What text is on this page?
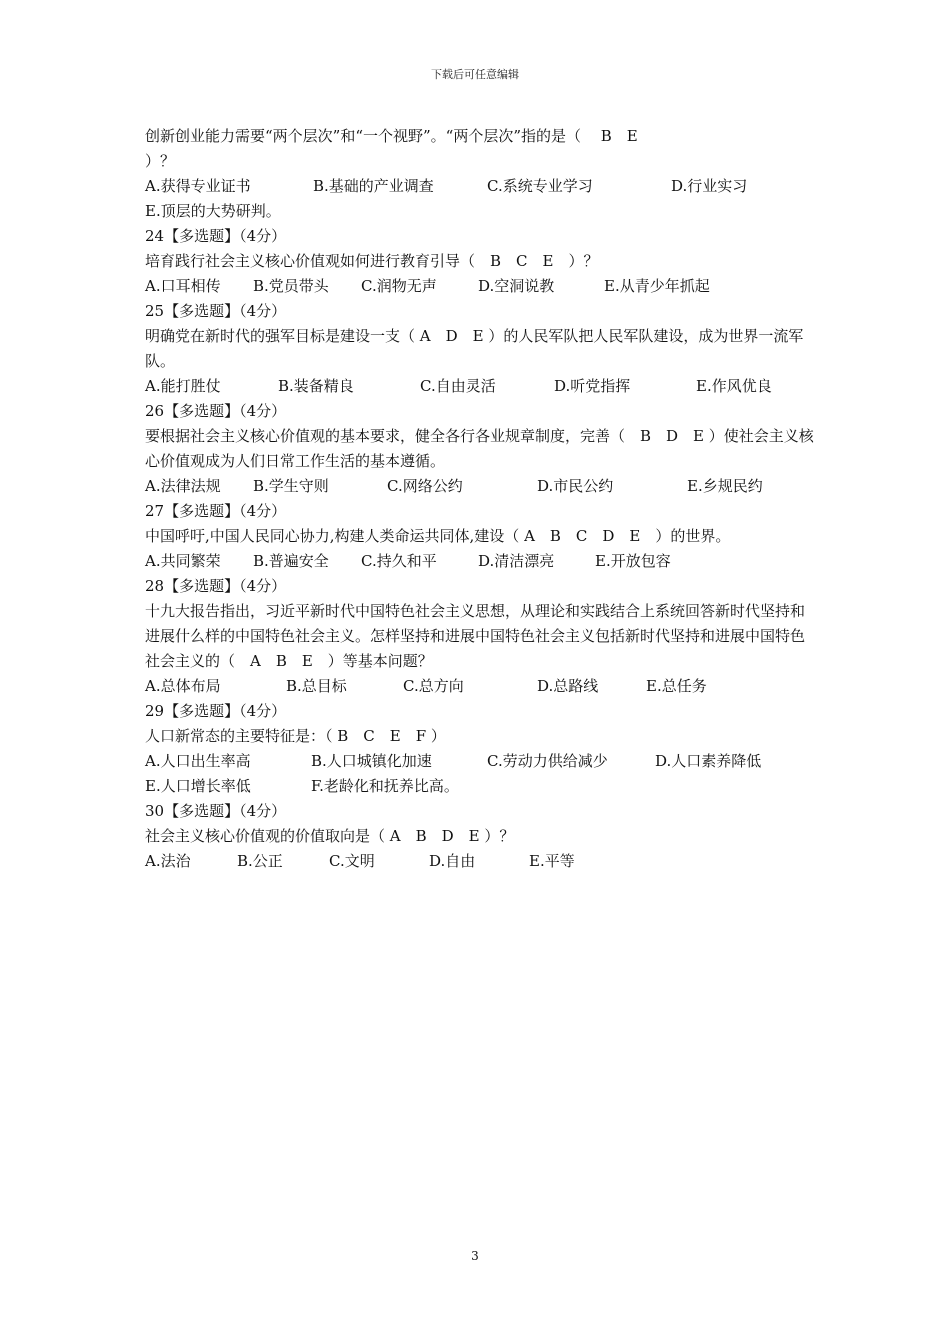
下载后可任意编辑
创新创业能力需要“两个层次”和“一个视野”。“两个层次”指的是（　 B　E
）？
A.获得专业证书	B.基础的产业调查	C.系统专业学习	D.行业实习
E.顶层的大势研判。
24【多选题】（4分）
培育践行社会主义核心价值观如何进行教育引导（　B　C　E　）？
A.口耳相传	B.党员带头	C.润物无声	D.空洞说教	E.从青少年抓起
25【多选题】（4分）
明确党在新时代的强军目标是建设一支（ A　D　E ）的人民军队把人民军队建设，成为世界一流军队。
A.能打胜仗	B.装备精良	C.自由灵活	D.听党指挥	E.作风优良
26【多选题】（4分）
要根据社会主义核心价值观的基本要求，健全各行各业规章制度，完善（　B　D　E ）使社会主义核心价值观成为人们日常工作生活的基本遵循。
A.法律法规	B.学生守则	C.网络公约	D.市民公约	E.乡规民约
27【多选题】（4分）
中国呼吁,中国人民同心协力,构建人类命运共同体,建设（ A　B　C　D　E　）的世界。
A.共同繁荣	B.普遍安全	C.持久和平	D.清洁漂亮	E.开放包容
28【多选题】（4分）
十九大报告指出，习近平新时代中国特色社会主义思想，从理论和实践结合上系统回答新时代坚持和进展什么样的中国特色社会主义。怎样坚持和进展中国特色社会主义包括新时代坚持和进展中国特色社会主义的（　A　B　E　）等基本问题？
A.总体布局	B.总目标	C.总方向	D.总路线	E.总任务
29【多选题】（4分）
人口新常态的主要特征是：（ B　C　E　F ）
A.人口出生率高	B.人口城镇化加速	C.劳动力供给减少	D.人口素养降低
E.人口增长率低	F.老龄化和抚养比高。
30【多选题】（4分）
社会主义核心价值观的价值取向是（ A　B　D　E ）？
A.法治	B.公正	C.文明	D.自由	E.平等
3
